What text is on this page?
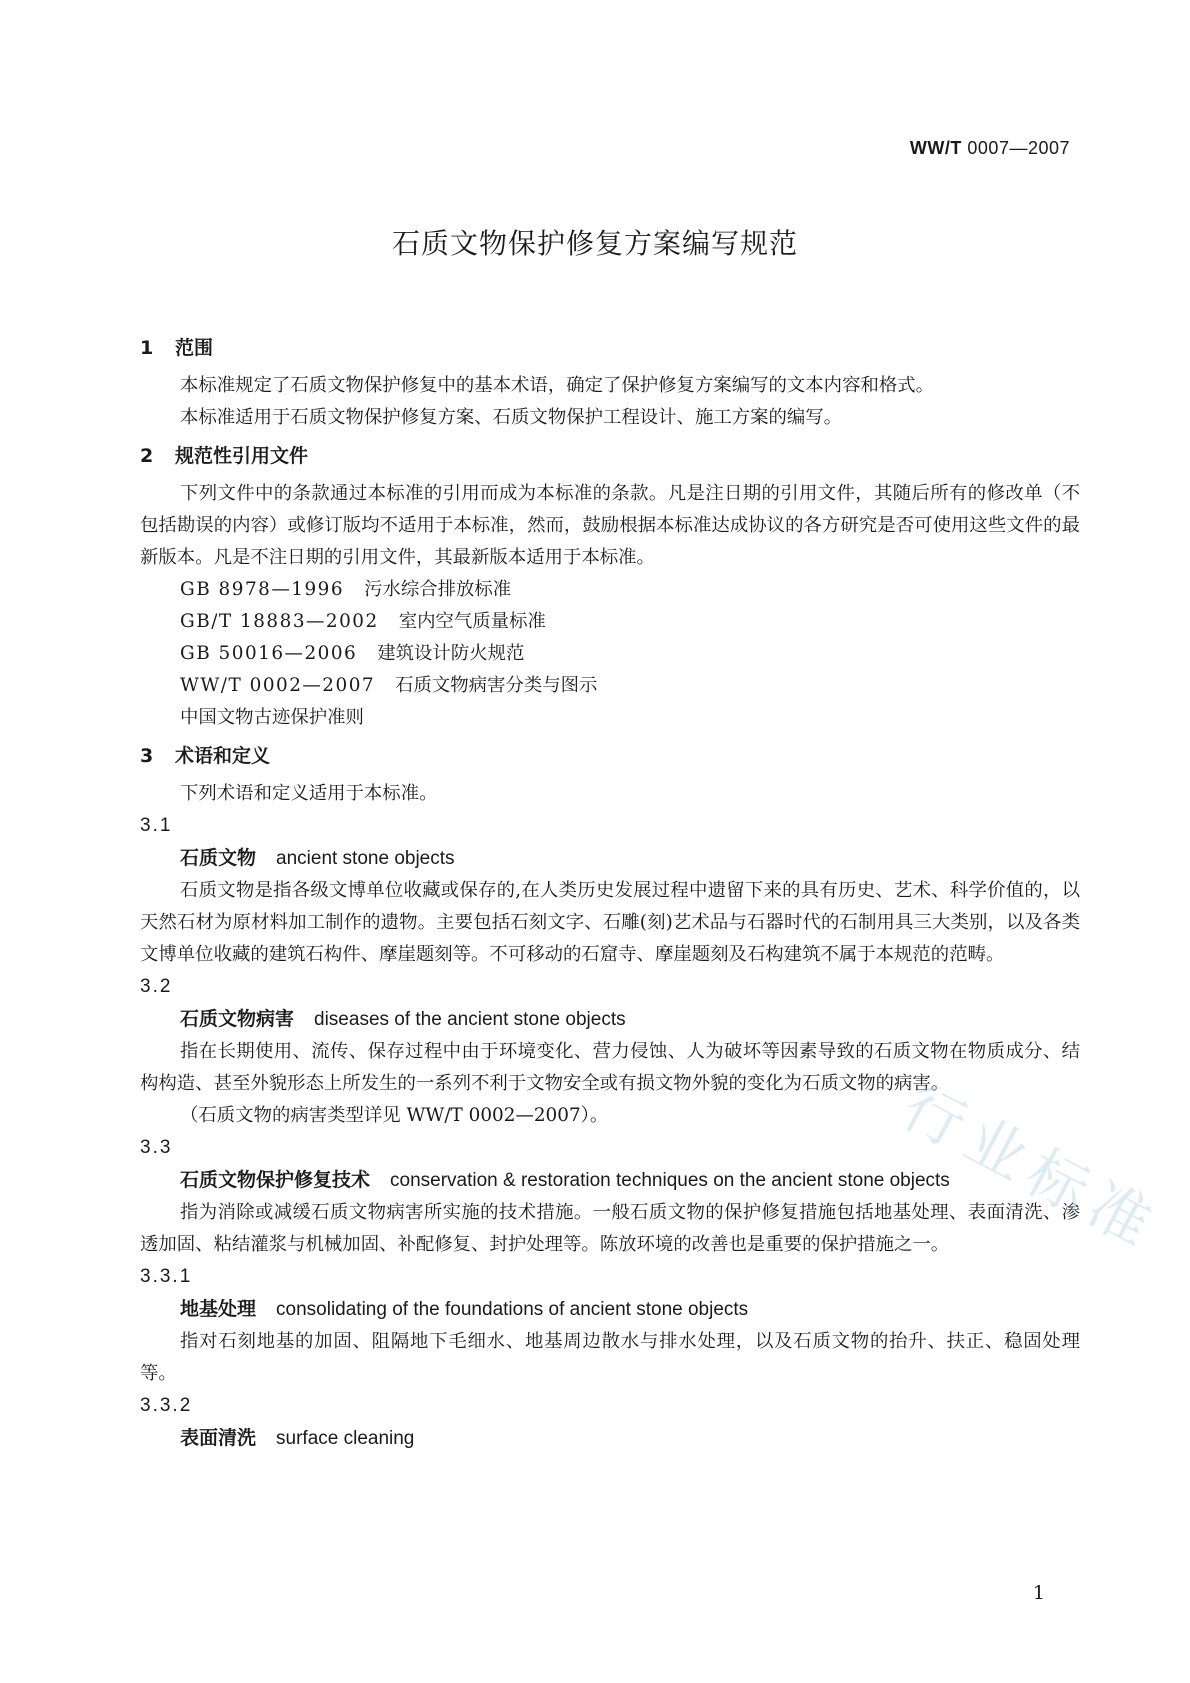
WW/T 0007—2007
石质文物保护修复方案编写规范
1 范围
本标准规定了石质文物保护修复中的基本术语，确定了保护修复方案编写的文本内容和格式。
本标准适用于石质文物保护修复方案、石质文物保护工程设计、施工方案的编写。
2 规范性引用文件
下列文件中的条款通过本标准的引用而成为本标准的条款。凡是注日期的引用文件，其随后所有的修改单（不包括勘误的内容）或修订版均不适用于本标准，然而，鼓励根据本标准达成协议的各方研究是否可使用这些文件的最新版本。凡是不注日期的引用文件，其最新版本适用于本标准。
GB 8978—1996 污水综合排放标准
GB/T 18883—2002 室内空气质量标准
GB 50016—2006 建筑设计防火规范
WW/T 0002—2007 石质文物病害分类与图示
中国文物古迹保护准则
3 术语和定义
下列术语和定义适用于本标准。
3.1
石质文物 ancient stone objects
石质文物是指各级文博单位收藏或保存的,在人类历史发展过程中遗留下来的具有历史、艺术、科学价值的，以天然石材为原材料加工制作的遗物。主要包括石刻文字、石雕(刻)艺术品与石器时代的石制用具三大类别，以及各类文博单位收藏的建筑石构件、摩崖题刻等。不可移动的石窟寺、摩崖题刻及石构建筑不属于本规范的范畴。
3.2
石质文物病害 diseases of the ancient stone objects
指在长期使用、流传、保存过程中由于环境变化、营力侵蚀、人为破坏等因素导致的石质文物在物质成分、结构构造、甚至外貌形态上所发生的一系列不利于文物安全或有损文物外貌的变化为石质文物的病害。
（石质文物的病害类型详见 WW/T 0002—2007）。
3.3
石质文物保护修复技术 conservation & restoration techniques on the ancient stone objects
指为消除或减缓石质文物病害所实施的技术措施。一般石质文物的保护修复措施包括地基处理、表面清洗、渗透加固、粘结灌浆与机械加固、补配修复、封护处理等。陈放环境的改善也是重要的保护措施之一。
3.3.1
地基处理 consolidating of the foundations of ancient stone objects
指对石刻地基的加固、阻隔地下毛细水、地基周边散水与排水处理，以及石质文物的抬升、扶正、稳固处理等。
3.3.2
表面清洗 surface cleaning
行业标准
1
